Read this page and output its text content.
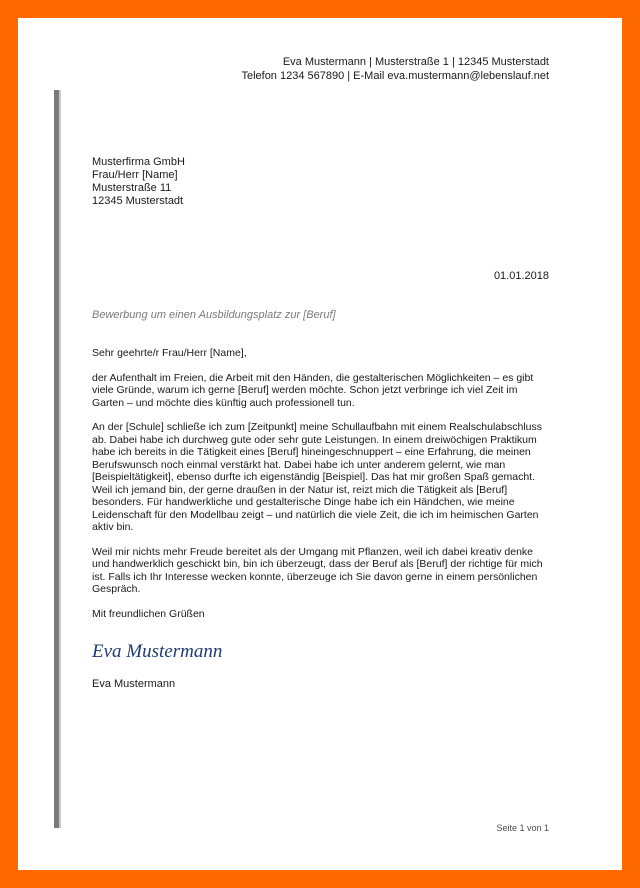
Eva Mustermann | Musterstraße 1 | 12345 Musterstadt
Telefon 1234 567890 | E-Mail eva.mustermann@lebenslauf.net
Musterfirma GmbH
Frau/Herr [Name]
Musterstraße 11
12345 Musterstadt
01.01.2018
Bewerbung um einen Ausbildungsplatz zur [Beruf]

Sehr geehrte/r Frau/Herr [Name],

der Aufenthalt im Freien, die Arbeit mit den Händen, die gestalterischen Möglichkeiten – es gibt viele Gründe, warum ich gerne [Beruf] werden möchte. Schon jetzt verbringe ich viel Zeit im Garten – und möchte dies künftig auch professionell tun.

An der [Schule] schließe ich zum [Zeitpunkt] meine Schullaufbahn mit einem Realschulabschluss ab. Dabei habe ich durchweg gute oder sehr gute Leistungen. In einem dreiwöchigen Praktikum habe ich bereits in die Tätigkeit eines [Beruf] hineingeschnuppert – eine Erfahrung, die meinen Berufswunsch noch einmal verstärkt hat. Dabei habe ich unter anderem gelernt, wie man [Beispieltätigkeit], ebenso durfte ich eigenständig [Beispiel]. Das hat mir großen Spaß gemacht. Weil ich jemand bin, der gerne draußen in der Natur ist, reizt mich die Tätigkeit als [Beruf] besonders. Für handwerkliche und gestalterische Dinge habe ich ein Händchen, wie meine Leidenschaft für den Modellbau zeigt – und natürlich die viele Zeit, die ich im heimischen Garten aktiv bin.

Weil mir nichts mehr Freude bereitet als der Umgang mit Pflanzen, weil ich dabei kreativ denke und handwerklich geschickt bin, bin ich überzeugt, dass der Beruf als [Beruf] der richtige für mich ist. Falls ich Ihr Interesse wecken konnte, überzeuge ich Sie davon gerne in einem persönlichen Gespräch.

Mit freundlichen Grüßen

Eva Mustermann
Eva Mustermann
Seite 1 von 1
